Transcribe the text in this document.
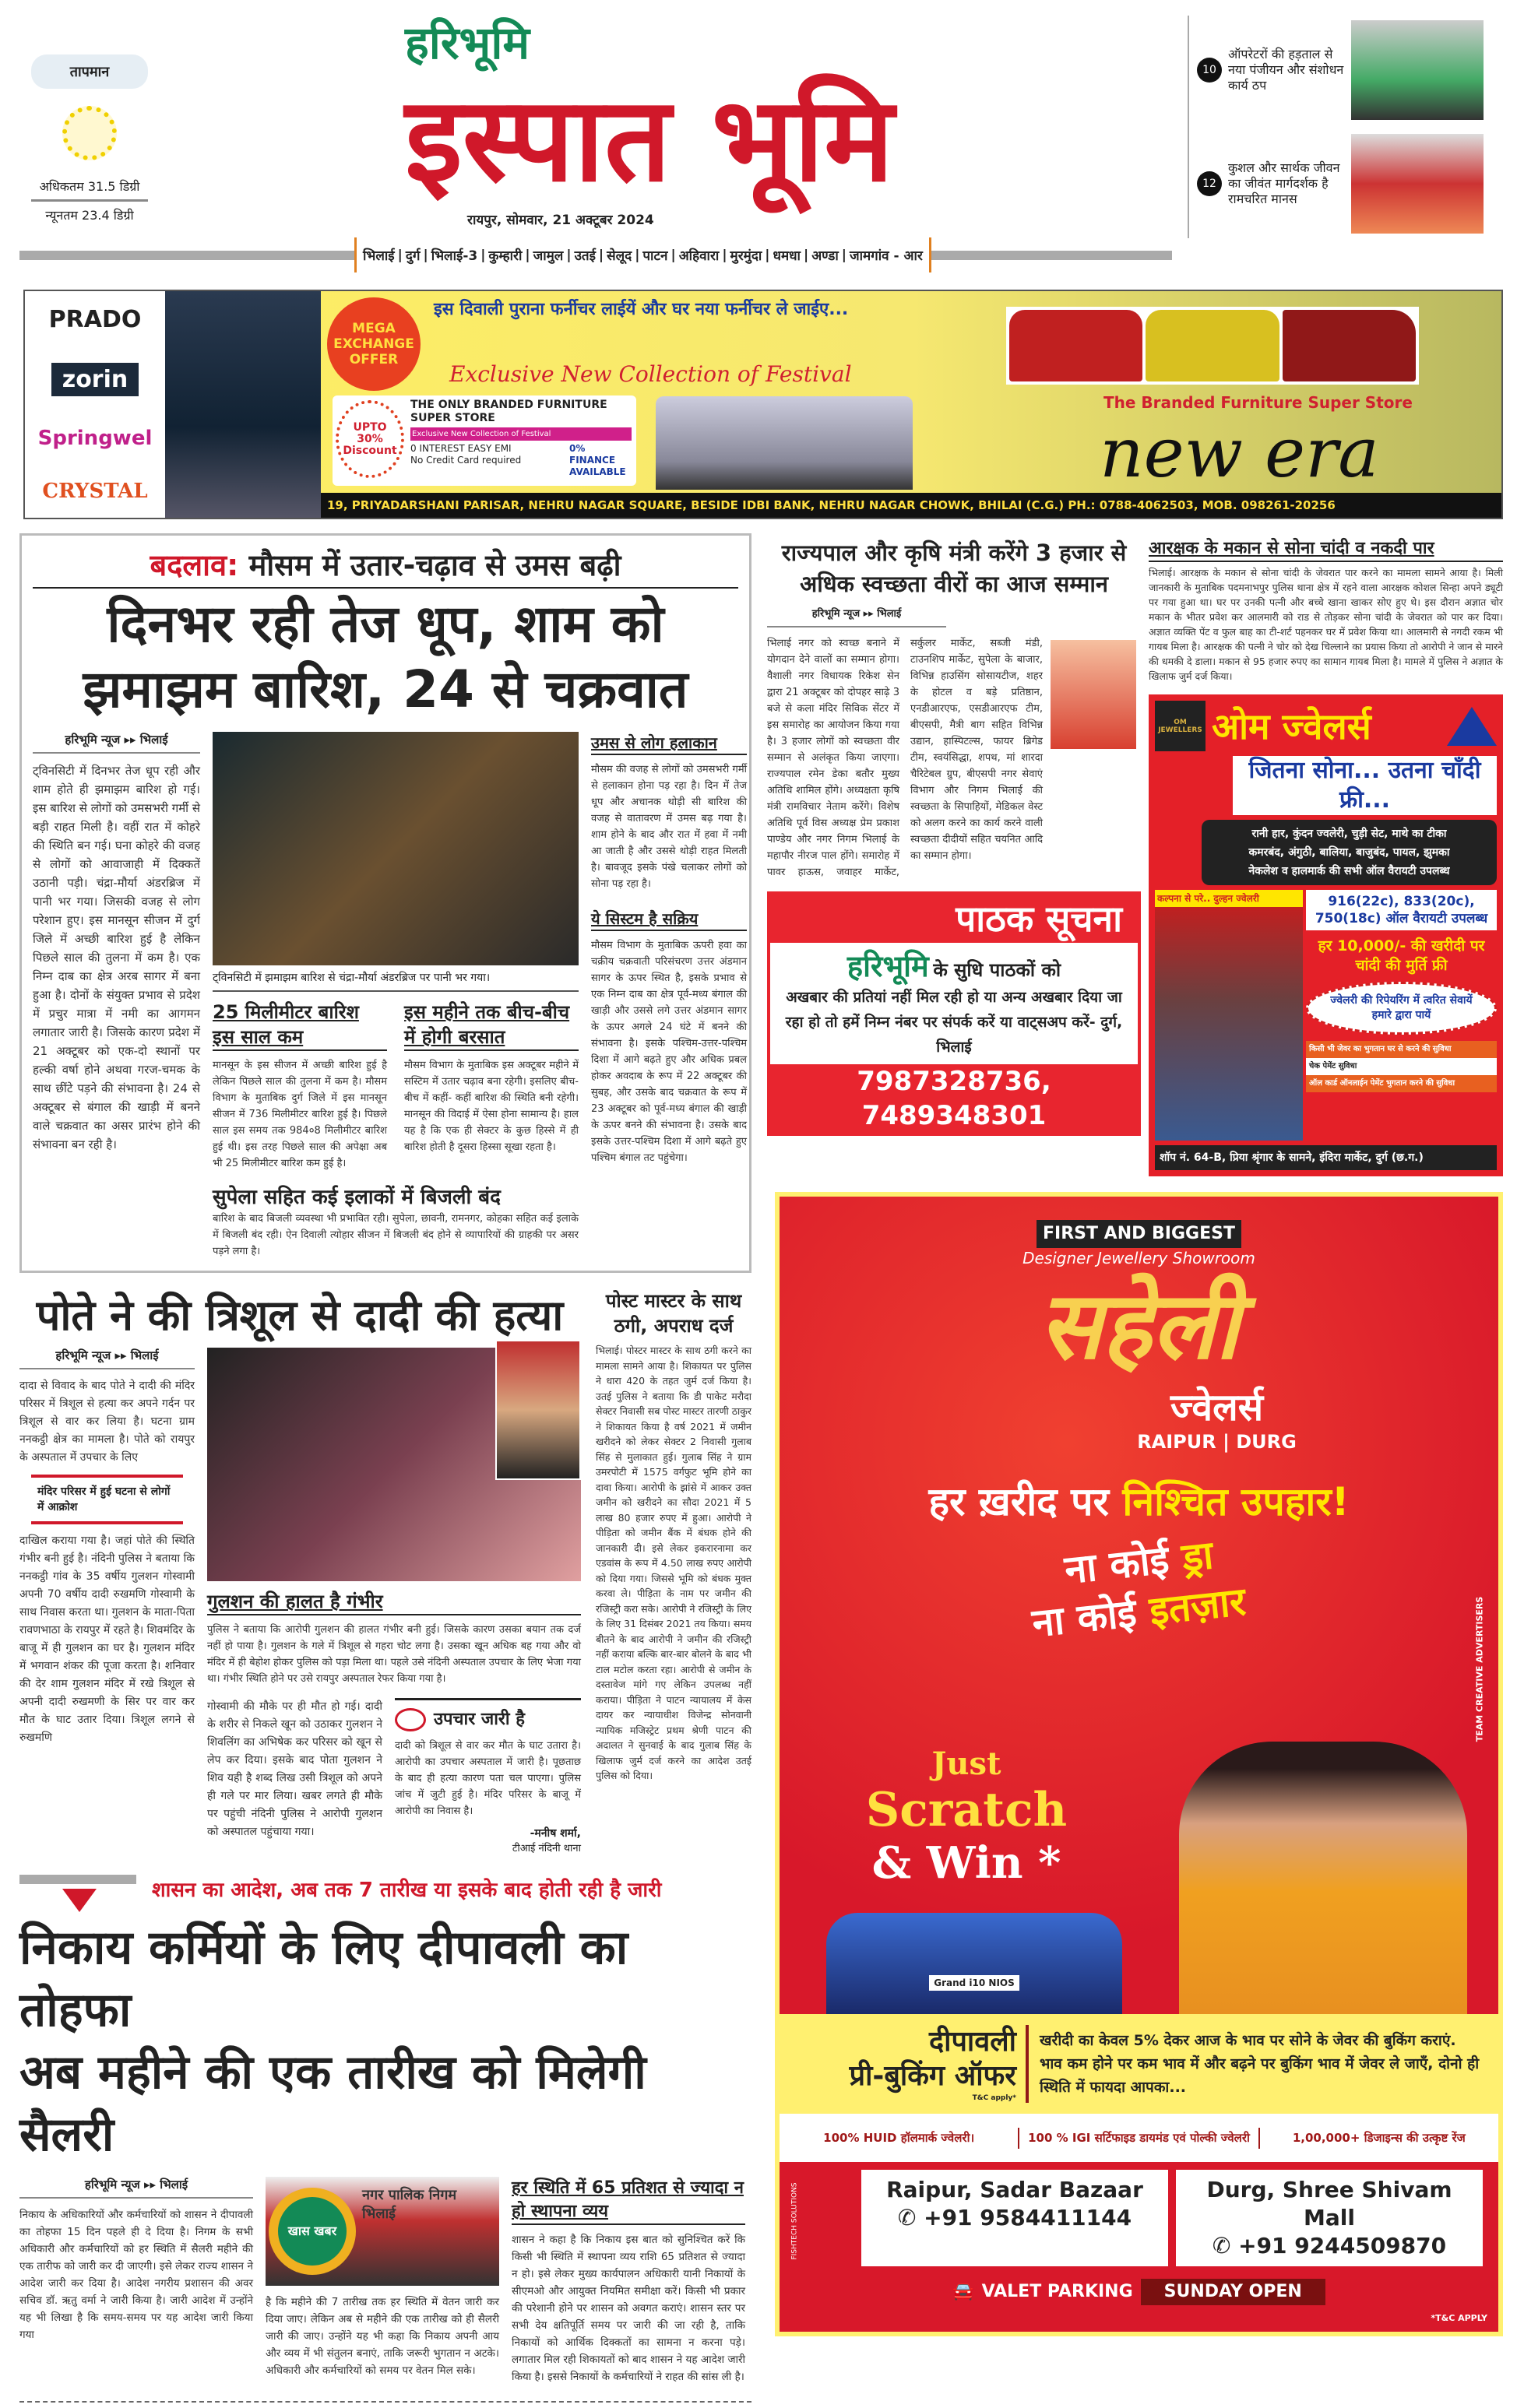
तापमान
अधिकतम 31.5 डिग्री
न्यूनतम 23.4 डिग्री
हरिभूमि
इस्पात भूमि
रायपुर, सोमवार, 21 अक्टूबर 2024
10
ऑपरेटरों की हड़ताल से नया पंजीयन और संशोधन कार्य ठप
12
कुशल और सार्थक जीवन का जीवंत मार्गदर्शक है रामचरित मानस
भिलाई | दुर्ग | भिलाई-3 | कुम्हारी | जामुल | उतई | सेलूद | पाटन | अहिवारा | मुरमुंदा | धमधा | अण्डा | जामगांव - आर
PRADO
zorin
Springwel
CRYSTAL
MEGA EXCHANGE OFFER
इस दिवाली पुराना फर्नीचर लाईयें और घर नया फर्नीचर ले जाईए...
Exclusive New Collection of Festival
UPTO 30% Discount
THE ONLY BRANDED FURNITURE SUPER STORE
Exclusive New Collection of Festival
0 INTEREST EASY EMI
No Credit Card required
0% FINANCE AVAILABLE
The Branded Furniture Super Store
new era
19, PRIYADARSHANI PARISAR, NEHRU NAGAR SQUARE, BESIDE IDBI BANK, NEHRU NAGAR CHOWK, BHILAI (C.G.) PH.: 0788-4062503, MOB. 098261-20256
बदलाव: मौसम में उतार-चढ़ाव से उमस बढ़ी
दिनभर रही तेज धूप, शाम को झमाझम बारिश, 24 से चक्रवात
हरिभूमि न्यूज ▸▸ भिलाई
ट्विनसिटी में दिनभर तेज धूप रही और शाम होते ही झमाझम बारिश हो गई। इस बारिश से लोगों को उमसभरी गर्मी से बड़ी राहत मिली है। वहीं रात में कोहरे की स्थिति बन गई। घना कोहरे की वजह से लोगों को आवाजाही में दिक्कतें उठानी पड़ी। चंद्रा-मौर्या अंडरब्रिज में पानी भर गया। जिसकी वजह से लोग परेशान हुए। इस मानसून सीजन में दुर्ग जिले में अच्छी बारिश हुई है लेकिन पिछले साल की तुलना में कम है। एक निम्न दाब का क्षेत्र अरब सागर में बना हुआ है। दोनों के संयुक्त प्रभाव से प्रदेश में प्रचुर मात्रा में नमी का आगमन लगातार जारी है। जिसके कारण प्रदेश में 21 अक्टूबर को एक-दो स्थानों पर हल्की वर्षा होने अथवा गरज-चमक के साथ छींटे पड़ने की संभावना है। 24 से अक्टूबर से बंगाल की खाड़ी में बनने वाले चक्रवात का असर प्रारंभ होने की संभावना बन रही है।
ट्विनसिटी में झमाझम बारिश से चंद्रा-मौर्या अंडरब्रिज पर पानी भर गया।
25 मिलीमीटर बारिश इस साल कम
मानसून के इस सीजन में अच्छी बारिश हुई है लेकिन पिछले साल की तुलना में कम है। मौसम विभाग के मुताबिक दुर्ग जिले में इस मानसून सीजन में 736 मिलीमीटर बारिश हुई है। पिछले साल इस समय तक 984०8 मिलीमीटर बारिश हुई थी। इस तरह पिछले साल की अपेक्षा अब भी 25 मिलीमीटर बारिश कम हुई है।
इस महीने तक बीच-बीच में होगी बरसात
मौसम विभाग के मुताबिक इस अक्टूबर महीने में सस्टिम में उतार चढ़ाव बना रहेगी। इसलिए बीच-बीच में कहीं- कहीं बारिश की स्थिति बनी रहेगी। मानसून की विदाई में ऐसा होना सामान्य है। हाल यह है कि एक ही सेक्टर के कुछ हिस्से में ही बारिश होती है दूसरा हिस्सा सूखा रहता है।
सुपेला सहित कई इलाकों में बिजली बंद
बारिश के बाद बिजली व्यवस्था भी प्रभावित रही। सुपेला, छावनी, रामनगर, कोहका सहित कई इलाके में बिजली बंद रही। ऐन दिवाली त्योहार सीजन में बिजली बंद होने से व्यापारियों की ग्राहकी पर असर पड़ने लगा है।
उमस से लोग हलाकान
मौसम की वजह से लोगों को उमसभरी गर्मी से हलाकान होना पड़ रहा है। दिन में तेज धूप और अचानक थोड़ी सी बारिश की वजह से वातावरण में उमस बढ़ गया है। शाम होने के बाद और रात में हवा में नमी आ जाती है और उससे थोड़ी राहत मिलती है। बावजूद इसके पंखे चलाकर लोगों को सोना पड़ रहा है।
ये सिस्टम है सक्रिय
मौसम विभाग के मुताबिक ऊपरी हवा का चक्रीय चक्रवाती परिसंचरण उत्तर अंडमान सागर के ऊपर स्थित है, इसके प्रभाव से एक निम्न दाब का क्षेत्र पूर्व-मध्य बंगाल की खाड़ी और उससे लगे उत्तर अंडमान सागर के ऊपर अगले 24 घंटे में बनने की संभावना है। इसके पश्चिम-उत्तर-पश्चिम दिशा में आगे बढ़ते हुए और अधिक प्रबल होकर अवदाब के रूप में 22 अक्टूबर की सुबह, और उसके बाद चक्रवात के रूप में 23 अक्टूबर को पूर्व-मध्य बंगाल की खाड़ी के ऊपर बनने की संभावना है। उसके बाद इसके उत्तर-पश्चिम दिशा में आगे बढ़ते हुए पश्चिम बंगाल तट पहुंचेगा।
पोते ने की त्रिशूल से दादी की हत्या
हरिभूमि न्यूज ▸▸ भिलाई
दादा से विवाद के बाद पोते ने दादी की मंदिर परिसर में त्रिशूल से हत्या कर अपने गर्दन पर त्रिशूल से वार कर लिया है। घटना ग्राम ननकट्ठी क्षेत्र का मामला है। पोते को रायपुर के अस्पताल में उपचार के लिए
मंदिर परिसर में हुई घटना से लोगों में आक्रोश
दाखिल कराया गया है। जहां पोते की स्थिति गंभीर बनी हुई है। नंदिनी पुलिस ने बताया कि ननकट्ठी गांव के 35 वर्षीय गुलशन गोस्वामी अपनी 70 वर्षीय दादी रुखमणि गोस्वामी के साथ निवास करता था। गुलशन के माता-पिता रावणभाठा के रायपुर में रहते है। शिवमंदिर के बाजू में ही गुलशन का घर है। गुलशन मंदिर में भगवान शंकर की पूजा करता है। शनिवार की देर शाम गुलशन मंदिर में रखे त्रिशूल से अपनी दादी रुखमणी के सिर पर वार कर मौत के घाट उतार दिया। त्रिशूल लगने से रुखमणि
गुलशन की हालत है गंभीर
पुलिस ने बताया कि आरोपी गुलशन की हालत गंभीर बनी हुई। जिसके कारण उसका बयान तक दर्ज नहीं हो पाया है। गुलशन के गले में त्रिशूल से गहरा चोट लगा है। उसका खून अधिक बह गया और वो मंदिर में ही बेहोश होकर पुलिस को पड़ा मिला था। पहले उसे नंदिनी अस्पताल उपचार के लिए भेजा गया था। गंभीर स्थिति होने पर उसे रायपुर अस्पताल रेफर किया गया है।
गोस्वामी की मौके पर ही मौत हो गई। दादी के शरीर से निकले खून को उठाकर गुलशन ने शिवलिंग का अभिषेक कर परिसर को खून से लेप कर दिया। इसके बाद पोता गुलशन ने शिव यही है शब्द लिख उसी त्रिशूल को अपने ही गले पर मार लिया। खबर लगते ही मौके पर पहुंची नंदिनी पुलिस ने आरोपी गुलशन को अस्पातल पहुंचाया गया।
उपचार जारी है
दादी को त्रिशूल से वार कर मौत के घाट उतारा है। आरोपी का उपचार अस्पताल में जारी है। पूछताछ के बाद ही हत्या कारण पता चल पाएगा। पुलिस जांच में जुटी हुई है। मंदिर परिसर के बाजू में आरोपी का निवास है।
-मनीष शर्मा,
टीआई नंदिनी थाना
पोस्ट मास्टर के साथ ठगी, अपराध दर्ज
भिलाई। पोस्टर मास्टर के साथ ठगी करने का मामला सामने आया है। शिकायत पर पुलिस ने धारा 420 के तहत जुर्म दर्ज किया है। उतई पुलिस ने बताया कि डी पाकेट मरौदा सेक्टर निवासी सब पोस्ट मास्टर तारणी ठाकुर ने शिकायत किया है वर्ष 2021 में जमीन खरीदने को लेकर सेक्टर 2 निवासी गुलाब सिंह से मुलाकात हुई। गुलाब सिंह ने ग्राम उमरपोटी में 1575 वर्गफुट भूमि होने का दावा किया। आरोपी के झांसे में आकर उक्त जमीन को खरीदने का सौदा 2021 में 5 लाख 80 हजार रुपए में हुआ। आरोपी ने पीड़िता को जमीन बैंक में बंधक होने की जानकारी दी। इसे लेकर इकरारनामा कर एडवांस के रूप में 4.50 लाख रुपए आरोपी को दिया गया। जिससे भूमि को बंधक मुक्त करवा ले। पीड़िता के नाम पर जमीन की रजिस्ट्री करा सके। आरोपी ने रजिस्ट्री के लिए के लिए 31 दिसंबर 2021 तय किया। समय बीतने के बाद आरोपी ने जमीन की रजिस्ट्री नहीं कराया बल्कि बार-बार बोलने के बाद भी टाल मटोल करता रहा। आरोपी से जमीन के दस्तावेज मांगे गए लेकिन उपलब्ध नहीं कराया। पीड़िता ने पाटन न्यायालय में केस दायर कर न्यायाधीश विजेन्द्र सोनवानी न्यायिक मजिस्ट्रेट प्रथम श्रेणी पाटन की अदालत ने सुनवाई के बाद गुलाब सिंह के खिलाफ जुर्म दर्ज करने का आदेश उतई पुलिस को दिया।
शासन का आदेश, अब तक 7 तारीख या इसके बाद होती रही है जारी
निकाय कर्मियों के लिए दीपावली का तोहफा
अब महीने की एक तारीख को मिलेगी सैलरी
हरिभूमि न्यूज ▸▸ भिलाई
निकाय के अधिकारियों और कर्मचारियों को शासन ने दीपावली का तोहफा 15 दिन पहले ही दे दिया है। निगम के सभी अधिकारी और कर्मचारियों को हर स्थिति में सैलरी महीने की एक तारीफ को जारी कर दी जाएगी। इसे लेकर राज्य शासन ने आदेश जारी कर दिया है। आदेश नगरीय प्रशासन की अवर सचिव डॉ. ऋतु वर्मा ने जारी किया है। जारी आदेश में उन्होंने यह भी लिखा है कि समय-समय पर यह आदेश जारी किया गया
खास खबर
नगर पालिक निगम भिलाई
है कि महीने की 7 तारीख तक हर स्थिति में वेतन जारी कर दिया जाए। लेकिन अब से महीने की एक तारीख को ही सैलरी जारी की जाए। उन्होंने यह भी कहा कि निकाय अपनी आय और व्यय में भी संतुलन बनाएं, ताकि जरूरी भुगतान न अटके। अधिकारी और कर्मचारियों को समय पर वेतन मिल सके।
हर स्थिति में 65 प्रतिशत से ज्यादा न हो स्थापना व्यय
शासन ने कहा है कि निकाय इस बात को सुनिश्चित करें कि किसी भी स्थिति में स्थापना व्यय राशि 65 प्रतिशत से ज्यादा न हो। इसे लेकर मुख्य कार्यपालन अधिकारी यानी निकायों के सीएमओ और आयुक्त नियमित समीक्षा करें। किसी भी प्रकार की परेशानी होने पर शासन को अवगत कराएं। शासन स्तर पर सभी देय क्षतिपूर्ति समय पर जारी की जा रही है, ताकि निकायों को आर्थिक दिक्कतों का सामना न करना पड़े। लगातार मिल रही शिकायतों को बाद शासन ने यह आदेश जारी किया है। इससे निकायों के कर्मचारियों ने राहत की सांस ली है।
राज्यपाल और कृषि मंत्री करेंगे 3 हजार से अधिक स्वच्छता वीरों का आज सम्मान
हरिभूमि न्यूज ▸▸ भिलाई
भिलाई नगर को स्वच्छ बनाने में योगदान देने वालों का सम्मान होगा। वैशाली नगर विधायक रिकेश सेन द्वारा 21 अक्टूबर को दोपहर साढ़े 3 बजे से कला मंदिर सिविक सेंटर में इस समारोह का आयोजन किया गया है। 3 हजार लोगों को स्वच्छता वीर सम्मान से अलंकृत किया जाएगा। राज्यपाल रमेन डेका बतौर मुख्य अतिथि शामिल होंगे। अध्यक्षता कृषि मंत्री रामविचार नेताम करेंगे। विशेष अतिथि पूर्व विस अध्यक्ष प्रेम प्रकाश पाण्डेय और नगर निगम भिलाई के महापौर नीरज पाल होंगे। समारोह में पावर हाऊस, जवाहर मार्केट, सर्कुलर मार्केट, सब्जी मंडी, टाउनशिप मार्केट, सुपेला के बाजार, विभिन्न हाउसिंग सोसायटीज, शहर के होटल व बड़े प्रतिष्ठान, एनडीआरएफ, एसडीआरएफ टीम, बीएसपी, मैत्री बाग सहित विभिन्न उद्यान, हास्पिटल्स, फायर ब्रिगेड टीम, स्वयंसिद्धा, शपथ, मां शारदा चैरिटेबल ग्रुप, बीएसपी नगर सेवाएं विभाग और निगम भिलाई की स्वच्छता के सिपाहियों, मेडिकल वेस्ट को अलग करने का कार्य करने वाली स्वच्छता दीदीयों सहित चयनित आदि का सम्मान होगा।
पाठक सूचना
हरिभूमि के सुधि पाठकों को
अखबार की प्रतियां नहीं मिल रही हो या अन्य अखबार दिया जा रहा हो तो हमें निम्न नंबर पर संपर्क करें या वाट्सअप करें- दुर्ग, भिलाई
7987328736, 7489348301
आरक्षक के मकान से सोना चांदी व नकदी पार
भिलाई। आरक्षक के मकान से सोना चांदी के जेवरात पार करने का मामला सामने आया है। मिली जानकारी के मुताबिक पदमनाभपुर पुलिस थाना क्षेत्र में रहने वाला आरक्षक कोशल सिन्हा अपने ड्यूटी पर गया हुआ था। घर पर उनकी पत्नी और बच्चे खाना खाकर सोए हुए थे। इस दौरान अज्ञात चोर मकान के भीतर प्रवेश कर आलमारी को राड से तोड़कर सोना चांदी के जेवरात को पार कर दिया। अज्ञात व्यक्ति पेंट व फुल बाह का टी-शर्ट पहनकर घर में प्रवेश किया था। आलमारी से नगदी रकम भी गायब मिला है। आरक्षक की पत्नी ने चोर को देख चिल्लाने का प्रयास किया तो आरोपी ने जान से मारने की धमकी दे डाला। मकान से 95 हजार रुपए का सामान गायब मिला है। मामले में पुलिस ने अज्ञात के खिलाफ जुर्म दर्ज किया।
OM JEWELLERS ओम ज्वेलर्स
जितना सोना... उतना चाँदी फ्री...
रानी हार, कुंदन ज्वलेरी, चुड़ी सेट, माथे का टीका
कमरबंद, अंगुठी, बालिया, बाजुबंद, पायल, झुमका
नेकलेश व हालमार्क की सभी ऑल वैरायटी उपलब्ध
कल्पना से परे.. दुल्हन ज्वेलरी	916(22c), 833(20c), 750(18c) ऑल वैरायटी उपलब्ध
हर 10,000/- की खरीदी पर चांदी की मुर्ति फ्री
ज्वेलरी की रिपेयरिंग में त्वरित सेवायें हमारे द्वारा पायें
किसी भी जेवर का भुगतान घर से करने की सुविधा
चेक पेमेंट सुविधा
ऑल कार्ड ऑनलाईन पेमेंट भुगतान करने की सुविधा
शॉप नं. 64-B, प्रिया श्रृंगार के सामने, इंदिरा मार्केट, दुर्ग (छ.ग.)
FIRST AND BIGGEST
Designer Jewellery Showroom
सहेली
ज्वेलर्स
RAIPUR | DURG
हर ख़रीद पर निश्चित उपहार!
ना कोई ड्रा
ना कोई इतज़ार
Just
Scratch
& Win *
Grand i10 NIOS
TEAM CREATIVE ADVERTISERS
दीपावली
प्री-बुकिंग ऑफर
T&C apply*
खरीदी का केवल 5% देकर आज के भाव पर सोने के जेवर की बुकिंग कराएं. भाव कम होने पर कम भाव में और बढ़ने पर बुकिंग भाव में जेवर ले जाएँ, दोनो ही स्थिति में फायदा आपका...
100% HUID हॉलमार्क ज्वेलरी।	100 % IGI सर्टिफाइड डायमंड एवं पोल्की ज्वेलरी	1,00,000+ डिजाइन्स की उत्कृष्ट रेंज
Raipur, Sadar Bazaar
✆ +91 9584411144
Durg, Shree Shivam Mall
✆ +91 9244509870
🚘 VALET PARKING	SUNDAY OPEN
*T&C APPLY
FISHTECH SOLUTIONS
